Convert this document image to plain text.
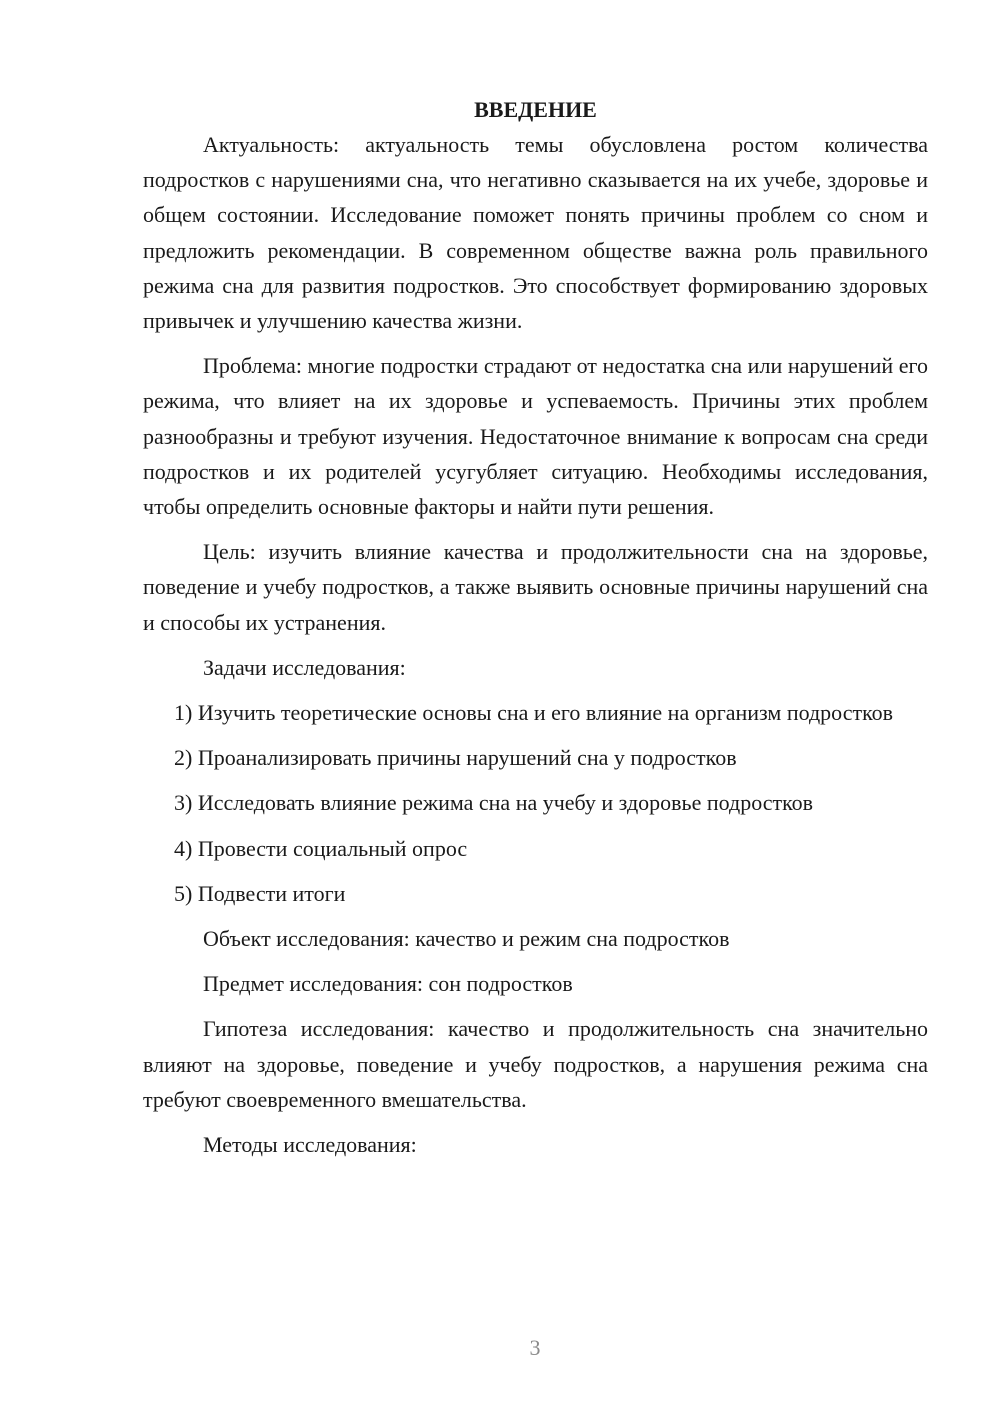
ВВЕДЕНИЕ

Актуальность: актуальность темы обусловлена ростом количества подростков с нарушениями сна, что негативно сказывается на их учебе, здоровье и общем состоянии. Исследование поможет понять причины проблем со сном и предложить рекомендации. В современном обществе важна роль правильного режима сна для развития подростков. Это способствует формированию здоровых привычек и улучшению качества жизни.

Проблема: многие подростки страдают от недостатка сна или нарушений его режима, что влияет на их здоровье и успеваемость. Причины этих проблем разнообразны и требуют изучения. Недостаточное внимание к вопросам сна среди подростков и их родителей усугубляет ситуацию. Необходимы исследования, чтобы определить основные факторы и найти пути решения.

Цель: изучить влияние качества и продолжительности сна на здоровье, поведение и учебу подростков, а также выявить основные причины нарушений сна и способы их устранения.

Задачи исследования:

1) Изучить теоретические основы сна и его влияние на организм подростков

2) Проанализировать причины нарушений сна у подростков

3) Исследовать влияние режима сна на учебу и здоровье подростков

4) Провести социальный опрос

5) Подвести итоги

Объект исследования: качество и режим сна подростков

Предмет исследования: сон подростков

Гипотеза исследования: качество и продолжительность сна значительно влияют на здоровье, поведение и учебу подростков, а нарушения режима сна требуют своевременного вмешательства.

Методы исследования:

3
